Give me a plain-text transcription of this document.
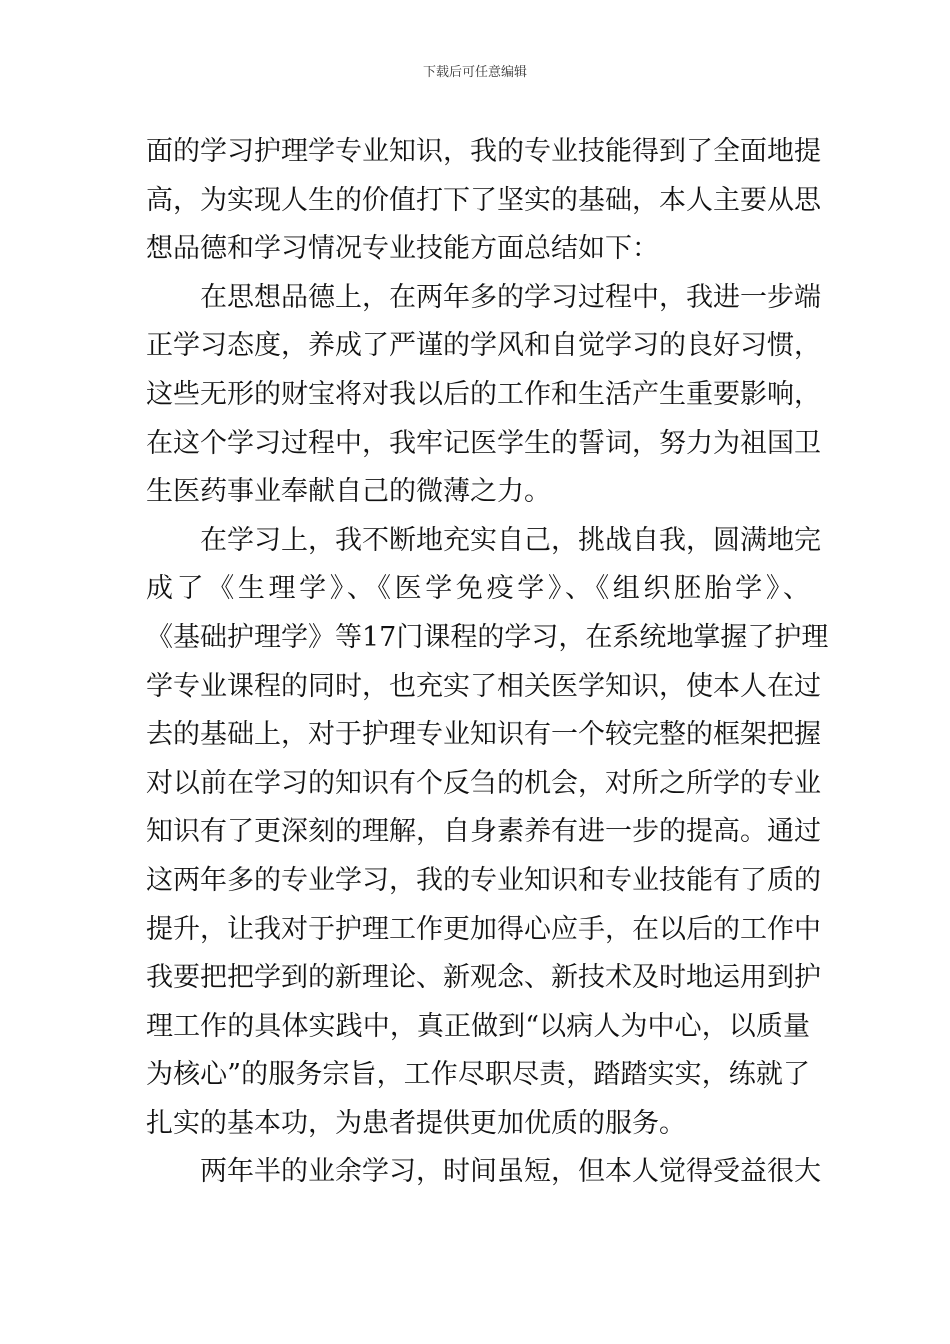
下载后可任意编辑

面的学习护理学专业知识，我的专业技能得到了全面地提
高，为实现人生的价值打下了坚实的基础，本人主要从思
想品德和学习情况专业技能方面总结如下：

在思想品德上，在两年多的学习过程中，我进一步端
正学习态度，养成了严谨的学风和自觉学习的良好习惯，
这些无形的财宝将对我以后的工作和生活产生重要影响，
在这个学习过程中，我牢记医学生的誓词，努力为祖国卫
生医药事业奉献自己的微薄之力。

在学习上，我不断地充实自己，挑战自我，圆满地完
成了《生理学》、《医学免疫学》、《组织胚胎学》、
《基础护理学》等17门课程的学习，在系统地掌握了护理
学专业课程的同时，也充实了相关医学知识，使本人在过
去的基础上，对于护理专业知识有一个较完整的框架把握
对以前在学习的知识有个反刍的机会，对所之所学的专业
知识有了更深刻的理解，自身素养有进一步的提高。通过
这两年多的专业学习，我的专业知识和专业技能有了质的
提升，让我对于护理工作更加得心应手，在以后的工作中
我要把把学到的新理论、新观念、新技术及时地运用到护
理工作的具体实践中，真正做到“以病人为中心，以质量
为核心”的服务宗旨，工作尽职尽责，踏踏实实，练就了
扎实的基本功，为患者提供更加优质的服务。

两年半的业余学习，时间虽短，但本人觉得受益很大
